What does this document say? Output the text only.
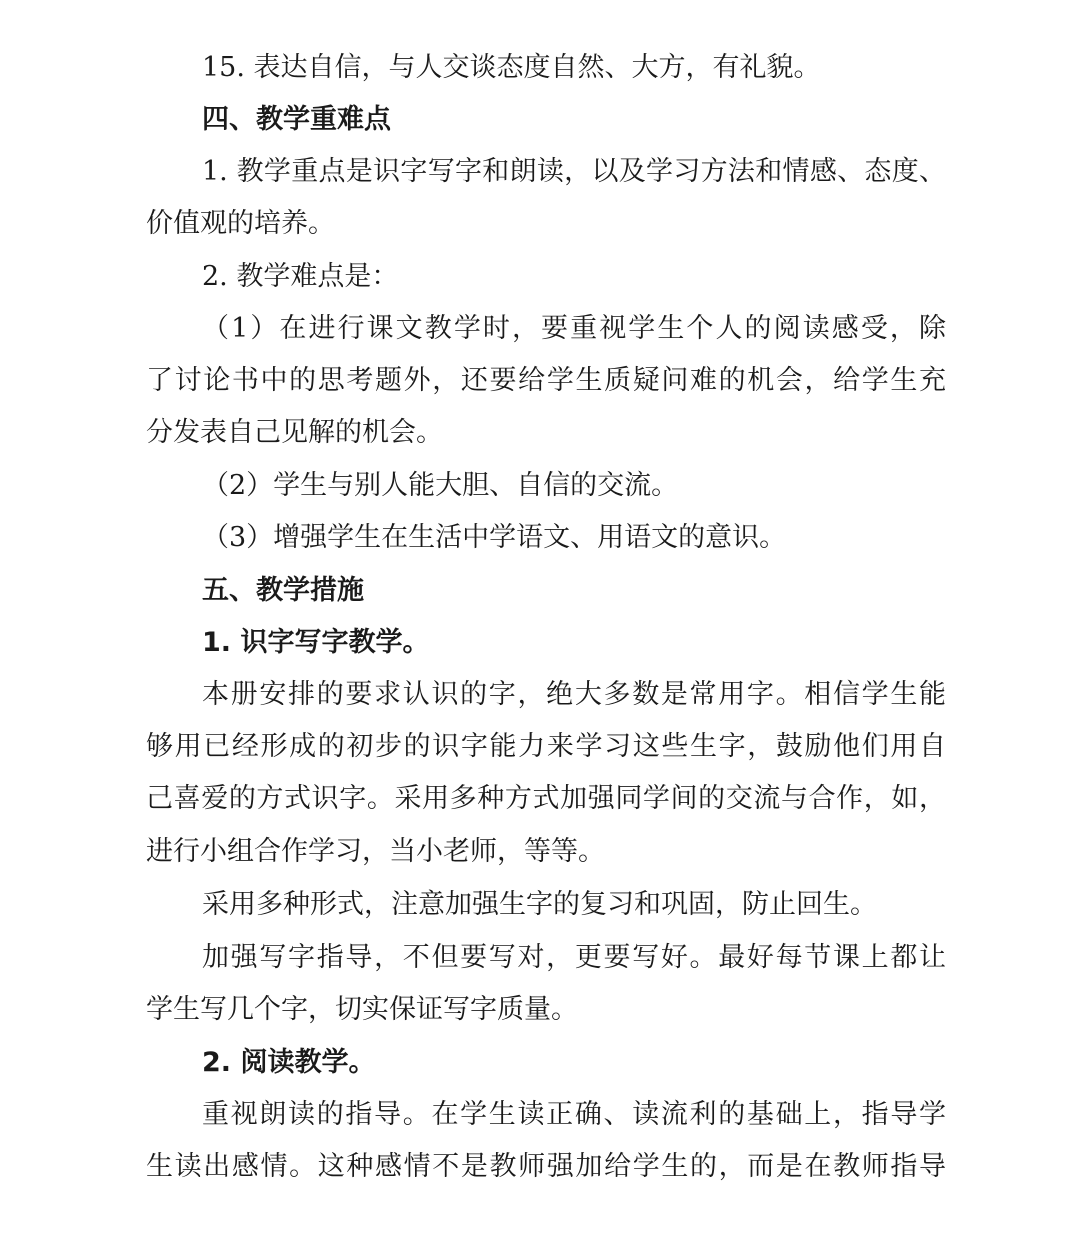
15. 表达自信，与人交谈态度自然、大方，有礼貌。
四、教学重难点
1. 教学重点是识字写字和朗读，以及学习方法和情感、态度、
价值观的培养。
2. 教学难点是：
（1）在进行课文教学时，要重视学生个人的阅读感受，除
了讨论书中的思考题外，还要给学生质疑问难的机会，给学生充
分发表自己见解的机会。
（2）学生与别人能大胆、自信的交流。
（3）增强学生在生活中学语文、用语文的意识。
五、教学措施
1. 识字写字教学。
本册安排的要求认识的字，绝大多数是常用字。相信学生能
够用已经形成的初步的识字能力来学习这些生字，鼓励他们用自
己喜爱的方式识字。采用多种方式加强同学间的交流与合作，如，
进行小组合作学习，当小老师，等等。
采用多种形式，注意加强生字的复习和巩固，防止回生。
加强写字指导，不但要写对，更要写好。最好每节课上都让
学生写几个字，切实保证写字质量。
2. 阅读教学。
重视朗读的指导。在学生读正确、读流利的基础上，指导学
生读出感情。这种感情不是教师强加给学生的，而是在教师指导
